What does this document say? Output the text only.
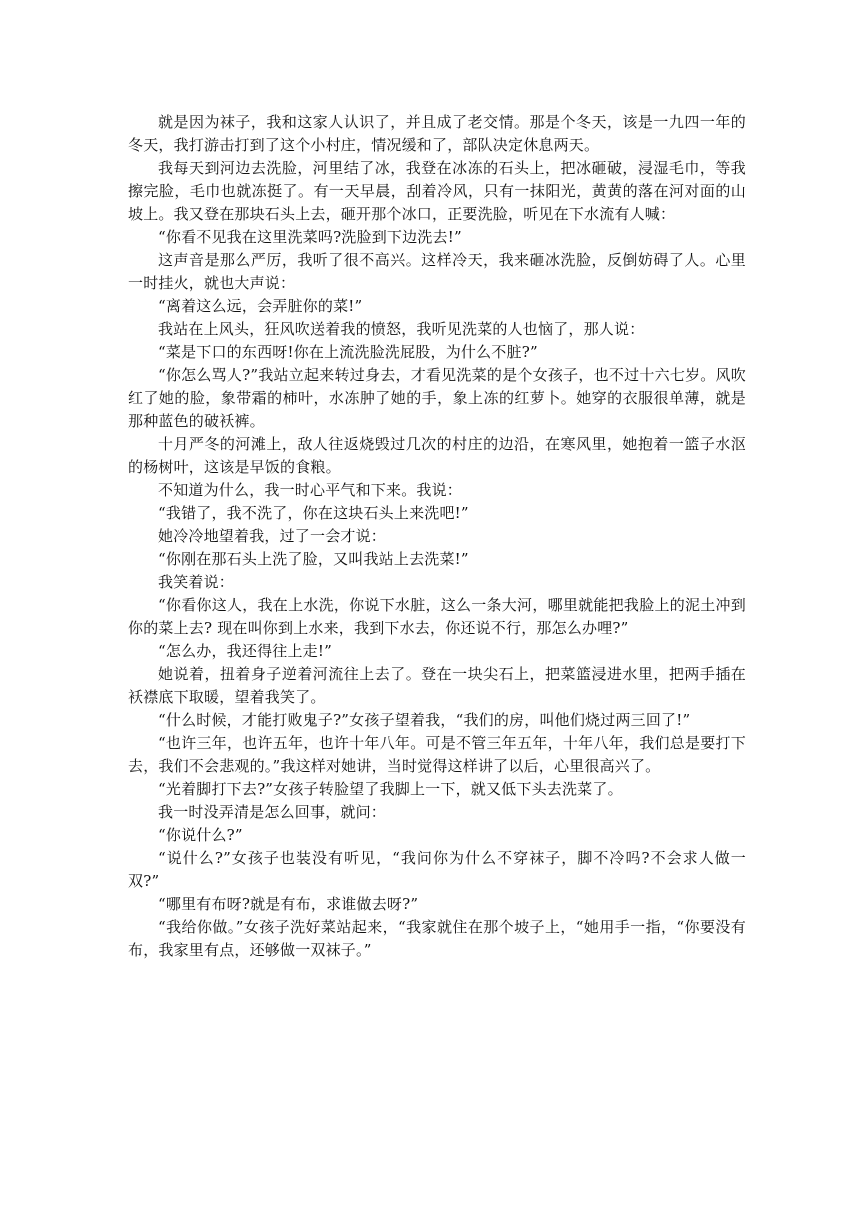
就是因为袜子，我和这家人认识了，并且成了老交情。那是个冬天，该是一九四一年的冬天，我打游击打到了这个小村庄，情况缓和了，部队决定休息两天。

我每天到河边去洗脸，河里结了冰，我登在冰冻的石头上，把冰砸破，浸湿毛巾，等我擦完脸，毛巾也就冻挺了。有一天早晨，刮着冷风，只有一抹阳光，黄黄的落在河对面的山坡上。我又登在那块石头上去，砸开那个冰口，正要洗脸，听见在下水流有人喊：

“你看不见我在这里洗菜吗?洗脸到下边洗去!”

这声音是那么严厉，我听了很不高兴。这样冷天，我来砸冰洗脸，反倒妨碍了人。心里一时挂火，就也大声说：

“离着这么远，会弄脏你的菜!”

我站在上风头，狂风吹送着我的愤怒，我听见洗菜的人也恼了，那人说：

“菜是下口的东西呀!你在上流洗脸洗屁股，为什么不脏?”

“你怎么骂人?”我站立起来转过身去，才看见洗菜的是个女孩子，也不过十六七岁。风吹红了她的脸，象带霜的柿叶，水冻肿了她的手，象上冻的红萝卜。她穿的衣服很单薄，就是那种蓝色的破袄裤。

十月严冬的河滩上，敌人往返烧毁过几次的村庄的边沿，在寒风里，她抱着一篮子水沤的杨树叶，这该是早饭的食粮。

不知道为什么，我一时心平气和下来。我说：

“我错了，我不洗了，你在这块石头上来洗吧!”

她冷冷地望着我，过了一会才说：

“你刚在那石头上洗了脸，又叫我站上去洗菜!”

我笑着说：

“你看你这人，我在上水洗，你说下水脏，这么一条大河，哪里就能把我脸上的泥土冲到你的菜上去? 现在叫你到上水来，我到下水去，你还说不行，那怎么办哩?”

“怎么办，我还得往上走!”

她说着，扭着身子逆着河流往上去了。登在一块尖石上，把菜篮浸进水里，把两手插在袄襟底下取暖，望着我笑了。

“什么时候，才能打败鬼子?”女孩子望着我，“我们的房，叫他们烧过两三回了!”

“也许三年，也许五年，也许十年八年。可是不管三年五年，十年八年，我们总是要打下去，我们不会悲观的。”我这样对她讲，当时觉得这样讲了以后，心里很高兴了。

“光着脚打下去?”女孩子转脸望了我脚上一下，就又低下头去洗菜了。

我一时没弄清是怎么回事，就问：

“你说什么?”

“说什么?”女孩子也装没有听见，“我问你为什么不穿袜子，脚不冷吗?不会求人做一双?”

“哪里有布呀?就是有布，求谁做去呀?”

“我给你做。”女孩子洗好菜站起来，“我家就住在那个坡子上，“她用手一指，“你要没有布，我家里有点，还够做一双袜子。”
